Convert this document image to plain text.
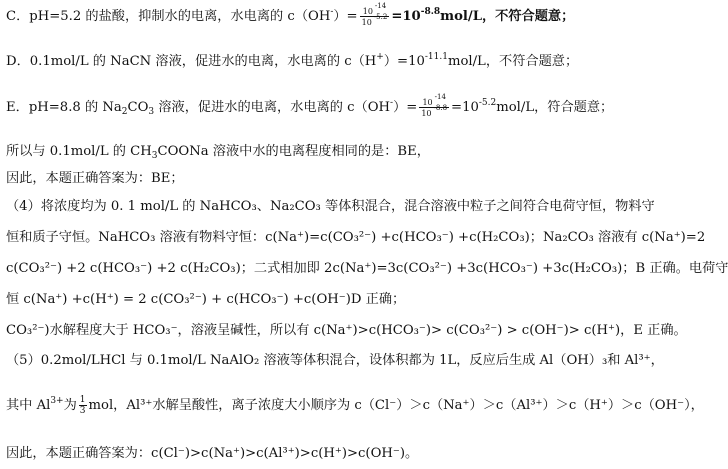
C．pH=5.2 的盐酸，抑制水的电离，水电离的 $c(OH^-)= \frac{10-14}{10-5.2} =10^{-8.8}mol/L$，不符合题意；
D．0.1mol/L 的 NaCN 溶液，促进水的电离，水电离的 $c(H^+)=10^{-11.1}mol/L$，不符合题意；
E．pH=8.8 的 $Na_2CO_3$ 溶液，促进水的电离，水电离的 $c(OH^-)= \frac{10-14}{10-8.8} =10^{-5.2}mol/L$，符合题意；
所以与 0.1mol/L 的 $CH_3COONa$ 溶液中水的电离程度相同的是：BE，
因此，本题正确答案为：BE；
（4）将浓度均为 0. 1 mol/L 的 NaHCO₃、Na₂CO₃ 等体积混合，混合溶液中粒子之间符合电荷守恒，物料守
恒和质子守恒。NaHCO₃ 溶液有物料守恒：c(Na⁺)=c(CO₃²⁻) +c(HCO₃⁻) +c(H₂CO₃)；Na₂CO₃ 溶液有 c(Na⁺)=2
c(CO₃²⁻) +2 c(HCO₃⁻) +2 c(H₂CO₃)；二式相加即 2c(Na⁺)=3c(CO₃²⁻) +3c(HCO₃⁻) +3c(H₂CO₃)；B 正确。电荷守
恒 c(Na⁺) +c(H⁺) = 2 c(CO₃²⁻) + c(HCO₃⁻) +c(OH⁻)D 正确；
CO₃²⁻)水解程度大于 HCO₃⁻，溶液呈碱性，所以有 c(Na⁺)>c(HCO₃⁻)> c(CO₃²⁻) > c(OH⁻)> c(H⁺)，E 正确。
（5）0.2mol/LHCl 与 0.1mol/L NaAlO₂ 溶液等体积混合，设体积都为 1L，反应后生成 Al（OH）₃和 Al³⁺，
其中 $Al^{3+}$为 $\frac{1}{3}$ mol，Al³⁺水解呈酸性，离子浓度大小顺序为 c（Cl⁻）＞c（Na⁺）＞c（Al³⁺）＞c（H⁺）＞c（OH⁻），
因此，本题正确答案为：c(Cl⁻)>c(Na⁺)>c(Al³⁺)>c(H⁺)>c(OH⁻)。
